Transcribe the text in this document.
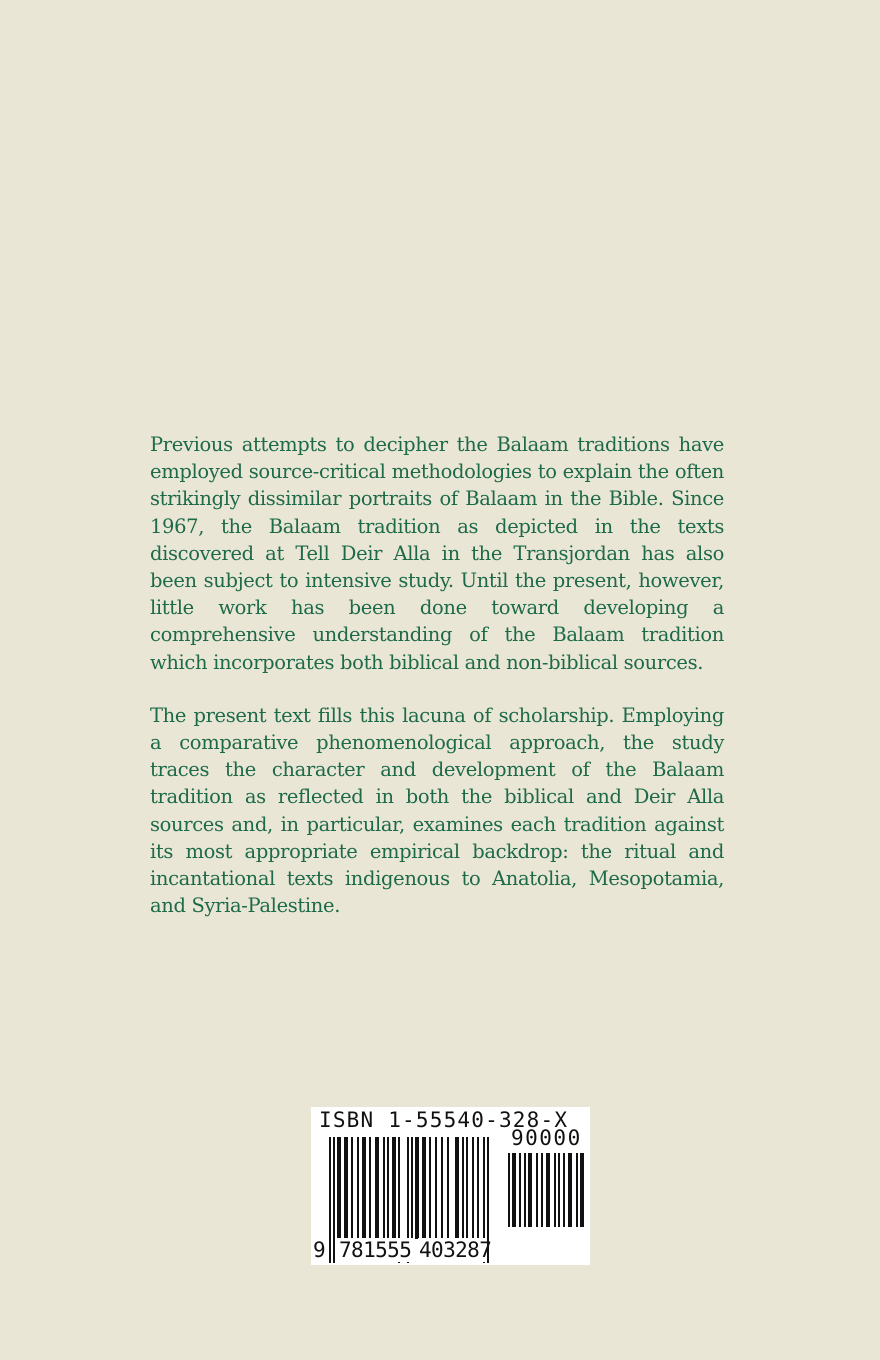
Previous attempts to decipher the Balaam traditions have employed source-critical methodologies to explain the often strikingly dissimilar portraits of Balaam in the Bible. Since 1967, the Balaam tradition as depicted in the texts discovered at Tell Deir Alla in the Transjordan has also been subject to intensive study. Until the present, however, little work has been done toward developing a comprehensive understanding of the Balaam tradition which incorporates both biblical and non-biblical sources.

The present text fills this lacuna of scholarship. Employing a comparative phenomenological approach, the study traces the character and development of the Balaam tradition as reflected in both the biblical and Deir Alla sources and, in particular, examines each tradition against its most appropriate empirical backdrop: the ritual and incantational texts indigenous to Anatolia, Mesopotamia, and Syria-Palestine.

ISBN 1-55540-328-X
90000
9 781555 403287
